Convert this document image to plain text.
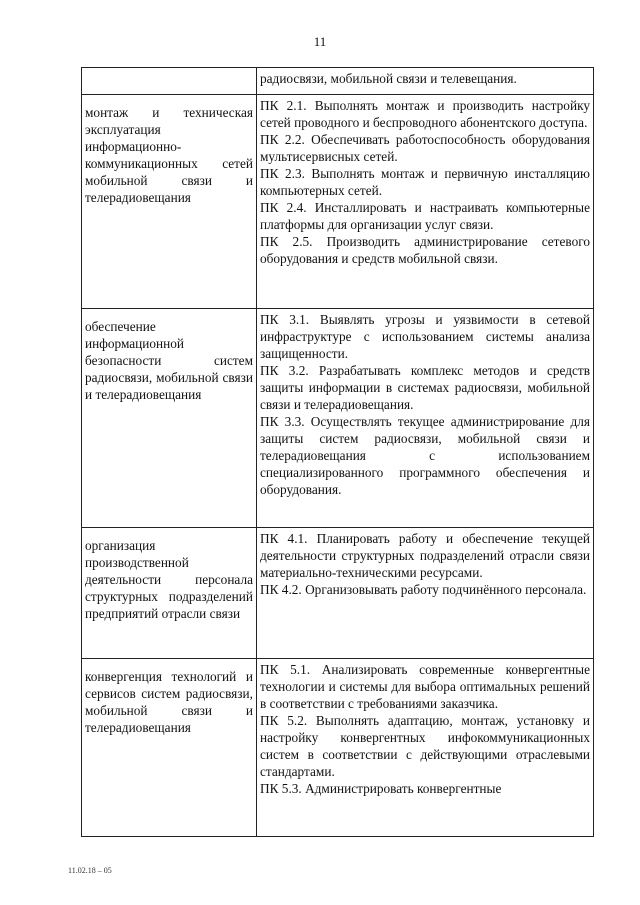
11

	радиосвязи, мобильной связи и телевещания.

монтаж и техническая эксплуатация информационно-коммуникационных сетей мобильной связи и телерадиовещания	ПК 2.1. Выполнять монтаж и производить настройку сетей проводного и беспроводного абонентского доступа.
ПК 2.2. Обеспечивать работоспособность оборудования мультисервисных сетей.
ПК 2.3. Выполнять монтаж и первичную инсталляцию компьютерных сетей.
ПК 2.4. Инсталлировать и настраивать компьютерные платформы для организации услуг связи.
ПК 2.5. Производить администрирование сетевого оборудования и средств мобильной связи.

обеспечение информационной безопасности систем радиосвязи, мобильной связи и телерадиовещания	ПК 3.1. Выявлять угрозы и уязвимости в сетевой инфраструктуре с использованием системы анализа защищенности.
ПК 3.2. Разрабатывать комплекс методов и средств защиты информации в системах радиосвязи, мобильной связи и телерадиовещания.
ПК 3.3. Осуществлять текущее администрирование для защиты систем радиосвязи, мобильной связи и телерадиовещания с использованием специализированного программного обеспечения и оборудования.

организация производственной деятельности персонала структурных подразделений предприятий отрасли связи	ПК 4.1. Планировать работу и обеспечение текущей деятельности структурных подразделений отрасли связи материально-техническими ресурсами.
ПК 4.2. Организовывать работу подчинённого персонала.

конвергенция технологий и сервисов систем радиосвязи, мобильной связи и телерадиовещания	ПК 5.1. Анализировать современные конвергентные технологии и системы для выбора оптимальных решений в соответствии с требованиями заказчика.
ПК 5.2. Выполнять адаптацию, монтаж, установку и настройку конвергентных инфокоммуникационных систем в соответствии с действующими отраслевыми стандартами.
ПК 5.3. Администрировать конвергентные
11.02.18 – 05
